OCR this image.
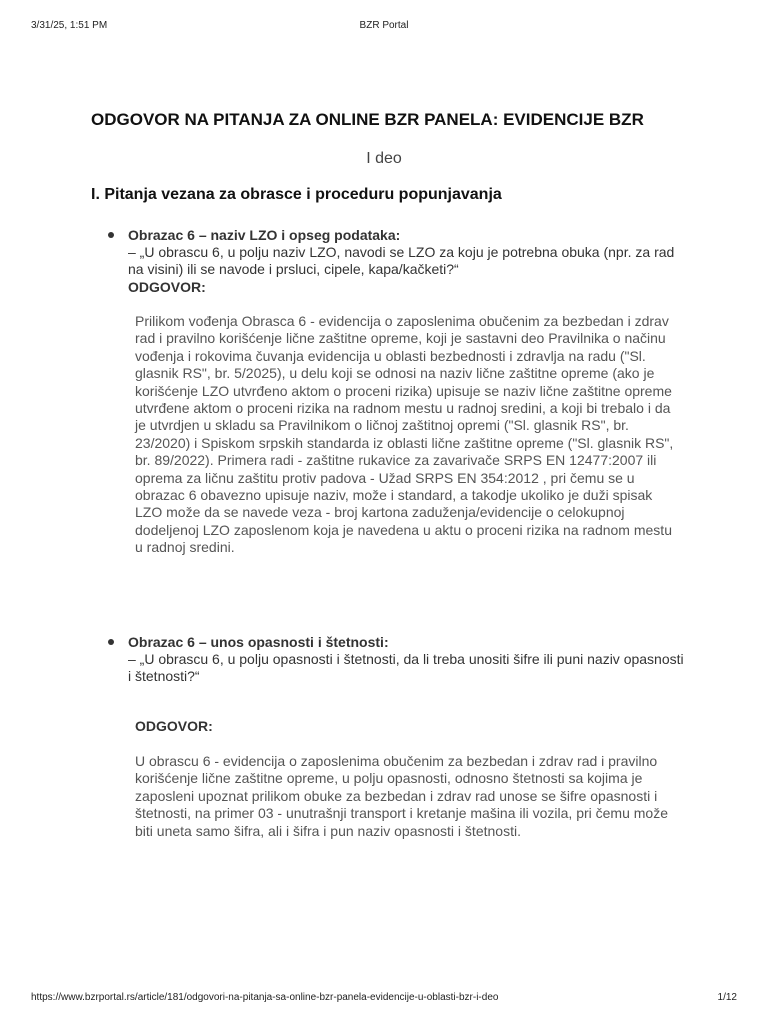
3/31/25, 1:51 PM	BZR Portal
ODGOVOR NA PITANJA ZA ONLINE BZR PANELA: EVIDENCIJE BZR
I deo
I. Pitanja vezana za obrasce i proceduru popunjavanja

Obrazac 6 – naziv LZO i opseg podataka:

– „U obrascu 6, u polju naziv LZO, navodi se LZO za koju je potrebna obuka (npr. za rad na visini) ili se navode i prsluci, cipele, kapa/kačketi?“

ODGOVOR:

Prilikom vođenja Obrasca 6 - evidencija o zaposlenima obučenim za bezbedan i zdrav rad i pravilno korišćenje lične zaštitne opreme, koji je sastavni deo Pravilnika o načinu vođenja i rokovima čuvanja evidencija u oblasti bezbednosti i zdravlja na radu ("Sl. glasnik RS", br. 5/2025), u delu koji se odnosi na naziv lične zaštitne opreme (ako je korišćenje LZO utvrđeno aktom o proceni rizika) upisuje se naziv lične zaštitne opreme utvrđene aktom o proceni rizika na radnom mestu u radnoj sredini, a koji bi trebalo i da je utvrdjen u skladu sa Pravilnikom o ličnoj zaštitnoj opremi ("Sl. glasnik RS", br. 23/2020) i Spiskom srpskih standarda iz oblasti lične zaštitne opreme ("Sl. glasnik RS", br. 89/2022). Primera radi - zaštitne rukavice za zavarivače SRPS EN 12477:2007 ili oprema za ličnu zaštitu protiv padova - Užad SRPS EN 354:2012 , pri čemu se u obrazac 6 obavezno upisuje naziv, može i standard, a takodje ukoliko je duži spisak LZO može da se navede veza - broj kartona zaduženja/evidencije o celokupnoj dodeljenoj LZO zaposlenom koja je navedena u aktu o proceni rizika na radnom mestu u radnoj sredini.

Obrazac 6 – unos opasnosti i štetnosti:

– „U obrascu 6, u polju opasnosti i štetnosti, da li treba unositi šifre ili puni naziv opasnosti i štetnosti?“

ODGOVOR:

U obrascu 6 - evidencija o zaposlenima obučenim za bezbedan i zdrav rad i pravilno korišćenje lične zaštitne opreme, u polju opasnosti, odnosno štetnosti sa kojima je zaposleni upoznat prilikom obuke za bezbedan i zdrav rad unose se šifre opasnosti i štetnosti, na primer 03 - unutrašnji transport i kretanje mašina ili vozila, pri čemu može biti uneta samo šifra, ali i šifra i pun naziv opasnosti i štetnosti.

https://www.bzrportal.rs/article/181/odgovori-na-pitanja-sa-online-bzr-panela-evidencije-u-oblasti-bzr-i-deo	1/12
